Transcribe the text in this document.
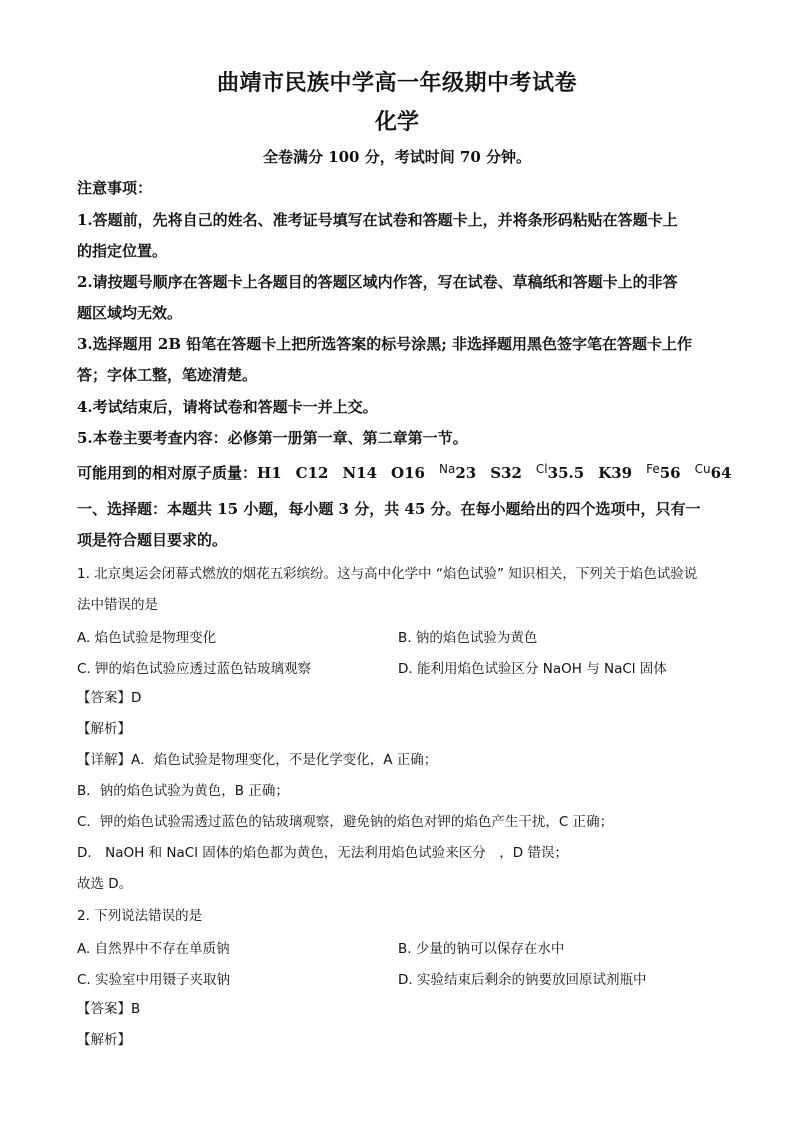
曲靖市民族中学高一年级期中考试卷
化学
全卷满分 100 分，考试时间 70 分钟。
注意事项：
1.答题前，先将自己的姓名、准考证号填写在试卷和答题卡上，并将条形码粘贴在答题卡上
的指定位置。
2.请按题号顺序在答题卡上各题目的答题区域内作答，写在试卷、草稿纸和答题卡上的非答
题区域均无效。
3.选择题用 2B 铅笔在答题卡上把所选答案的标号涂黑; 非选择题用黑色签字笔在答题卡上作
答；字体工整，笔迹清楚。
4.考试结束后，请将试卷和答题卡一并上交。
5.本卷主要考查内容：必修第一册第一章、第二章第一节。
可能用到的相对原子质量：H1 C12 N14 O16 $^{Na}$23 S32 $^{Cl}$35.5 K39 $^{Fe}$56 $^{Cu}$64
一、选择题：本题共 15 小题，每小题 3 分，共 45 分。在每小题给出的四个选项中，只有一
项是符合题目要求的。
1. 北京奥运会闭幕式燃放的烟花五彩缤纷。这与高中化学中 “焰色试验” 知识相关，下列关于焰色试验说
法中错误的是
A. 焰色试验是物理变化	B. 钠的焰色试验为黄色
C. 钾的焰色试验应透过蓝色钴玻璃观察	D. 能利用焰色试验区分 NaOH 与 NaCl 固体
【答案】D
【解析】
【详解】A．焰色试验是物理变化，不是化学变化，A 正确；
B．钠的焰色试验为黄色，B 正确；
C．钾的焰色试验需透过蓝色的钴玻璃观察，避免钠的焰色对钾的焰色产生干扰，C 正确；
D． NaOH 和 NaCl 固体的焰色都为黄色，无法利用焰色试验来区分　，D 错误；
故选 D。
2. 下列说法错误的是
A. 自然界中不存在单质钠	B. 少量的钠可以保存在水中
C. 实验室中用镊子夹取钠	D. 实验结束后剩余的钠要放回原试剂瓶中
【答案】B
【解析】
